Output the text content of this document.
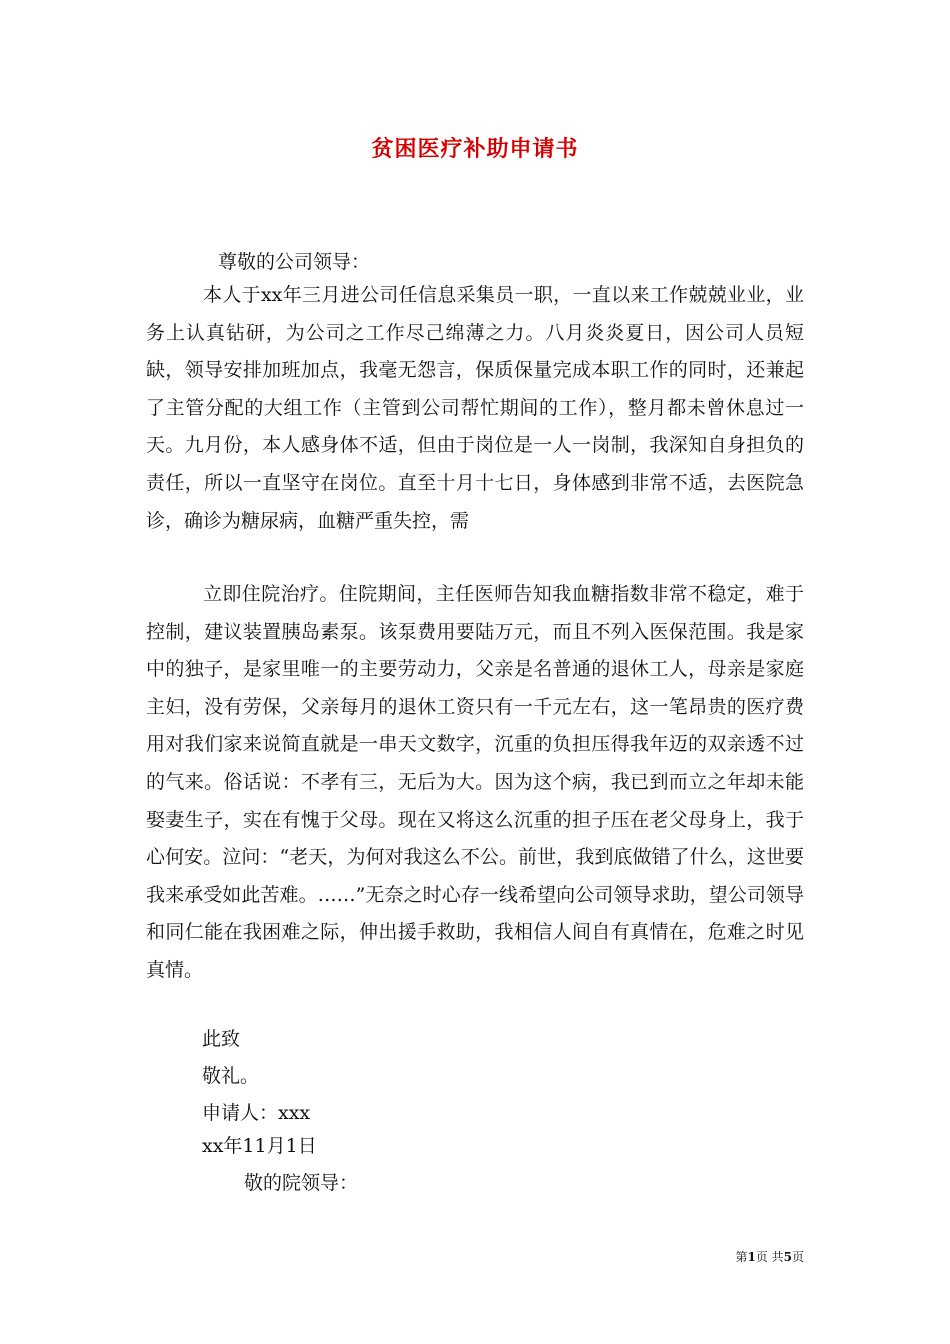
贫困医疗补助申请书
尊敬的公司领导：

本人于xx年三月进公司任信息采集员一职，一直以来工作兢兢业业，业务上认真钻研，为公司之工作尽己绵薄之力。八月炎炎夏日，因公司人员短缺，领导安排加班加点，我毫无怨言，保质保量完成本职工作的同时，还兼起了主管分配的大组工作（主管到公司帮忙期间的工作），整月都未曾休息过一天。九月份，本人感身体不适，但由于岗位是一人一岗制，我深知自身担负的责任，所以一直坚守在岗位。直至十月十七日，身体感到非常不适，去医院急诊，确诊为糖尿病，血糖严重失控，需

立即住院治疗。住院期间，主任医师告知我血糖指数非常不稳定，难于控制，建议装置胰岛素泵。该泵费用要陆万元，而且不列入医保范围。我是家中的独子，是家里唯一的主要劳动力，父亲是名普通的退休工人，母亲是家庭主妇，没有劳保，父亲每月的退休工资只有一千元左右，这一笔昂贵的医疗费用对我们家来说简直就是一串天文数字，沉重的负担压得我年迈的双亲透不过的气来。俗话说：不孝有三，无后为大。因为这个病，我已到而立之年却未能娶妻生子，实在有愧于父母。现在又将这么沉重的担子压在老父母身上，我于心何安。泣问：“老天，为何对我这么不公。前世，我到底做错了什么，这世要我来承受如此苦难。……”无奈之时心存一线希望向公司领导求助，望公司领导和同仁能在我困难之际，伸出援手救助，我相信人间自有真情在，危难之时见真情。

此致
敬礼。
申请人：xxx
xx年11月1日
敬的院领导：
第1页 共5页
